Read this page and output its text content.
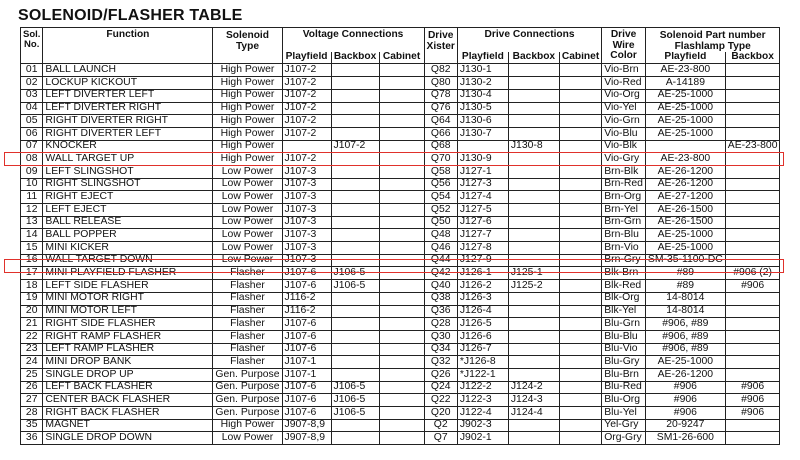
SOLENOID/FLASHER TABLE
Sol. No.	Function	Solenoid Type	Voltage Connections			Drive Xister	Drive Connections			Drive Wire Color	Solenoid Part number
Flashlamp Type	

			Playfield	Backbox	Cabinet		Playfield	Backbox	Cabinet		Playfield	Backbox
01	BALL LAUNCH	High Power	J107-2			Q82	J130-1			Vio-Brn	AE-23-800	
02	LOCKUP KICKOUT	High Power	J107-2			Q80	J130-2			Vio-Red	A-14189	
03	LEFT DIVERTER LEFT	High Power	J107-2			Q78	J130-4			Vio-Org	AE-25-1000	
04	LEFT DIVERTER RIGHT	High Power	J107-2			Q76	J130-5			Vio-Yel	AE-25-1000	
05	RIGHT DIVERTER RIGHT	High Power	J107-2			Q64	J130-6			Vio-Grn	AE-25-1000	
06	RIGHT DIVERTER LEFT	High Power	J107-2			Q66	J130-7			Vio-Blu	AE-25-1000	
07	KNOCKER	High Power		J107-2		Q68		J130-8		Vio-Blk		AE-23-800
08	WALL TARGET UP	High Power	J107-2			Q70	J130-9			Vio-Gry	AE-23-800	
09	LEFT SLINGSHOT	Low Power	J107-3			Q58	J127-1			Brn-Blk	AE-26-1200	
10	RIGHT SLINGSHOT	Low Power	J107-3			Q56	J127-3			Brn-Red	AE-26-1200	
11	RIGHT EJECT	Low Power	J107-3			Q54	J127-4			Brn-Org	AE-27-1200	
12	LEFT EJECT	Low Power	J107-3			Q52	J127-5			Brn-Yel	AE-26-1500	
13	BALL RELEASE	Low Power	J107-3			Q50	J127-6			Brn-Grn	AE-26-1500	
14	BALL POPPER	Low Power	J107-3			Q48	J127-7			Brn-Blu	AE-25-1000	
15	MINI KICKER	Low Power	J107-3			Q46	J127-8			Brn-Vio	AE-25-1000	
16	WALL TARGET DOWN	Low Power	J107-3			Q44	J127-9			Brn-Gry	SM-35-1100-DC	
17	MINI PLAYFIELD FLASHER	Flasher	J107-6	J106-5		Q42	J126-1	J125-1		Blk-Brn	#89	#906 (2)
18	LEFT SIDE FLASHER	Flasher	J107-6	J106-5		Q40	J126-2	J125-2		Blk-Red	#89	#906
19	MINI MOTOR RIGHT	Flasher	J116-2			Q38	J126-3			Blk-Org	14-8014	
20	MINI MOTOR LEFT	Flasher	J116-2			Q36	J126-4			Blk-Yel	14-8014	
21	RIGHT SIDE FLASHER	Flasher	J107-6			Q28	J126-5			Blu-Grn	#906, #89	
22	RIGHT RAMP FLASHER	Flasher	J107-6			Q30	J126-6			Blu-Blu	#906, #89	
23	LEFT RAMP FLASHER	Flasher	J107-6			Q34	J126-7			Blu-Vio	#906, #89	
24	MINI DROP BANK	Flasher	J107-1			Q32	*J126-8			Blu-Gry	AE-25-1000	
25	SINGLE DROP UP	Gen. Purpose	J107-1			Q26	*J122-1			Blu-Brn	AE-26-1200	
26	LEFT BACK FLASHER	Gen. Purpose	J107-6	J106-5		Q24	J122-2	J124-2		Blu-Red	#906	#906
27	CENTER BACK FLASHER	Gen. Purpose	J107-6	J106-5		Q22	J122-3	J124-3		Blu-Org	#906	#906
28	RIGHT BACK FLASHER	Gen. Purpose	J107-6	J106-5		Q20	J122-4	J124-4		Blu-Yel	#906	#906
35	MAGNET	High Power	J907-8,9			Q2	J902-3			Yel-Gry	20-9247	
36	SINGLE DROP DOWN	Low Power	J907-8,9			Q7	J902-1			Org-Gry	SM1-26-600	
